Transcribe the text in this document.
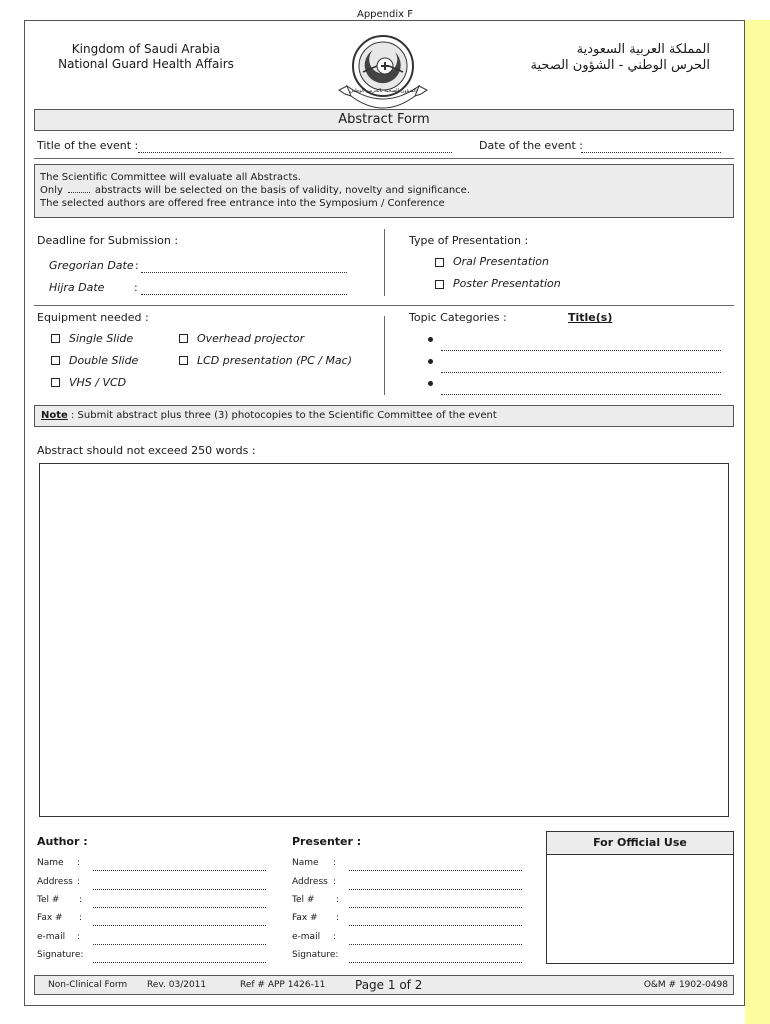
Appendix F
Kingdom of Saudi Arabia
National Guard Health Affairs
الشؤون الصحية بالحرس الوطني
المملكة العربية السعودية
الحرس الوطني - الشؤون الصحية
Abstract Form
Title of the event :	Date of the event :
The Scientific Committee will evaluate all Abstracts.
Only	abstracts will be selected on the basis of validity, novelty and significance.
The selected authors are offered free entrance into the Symposium / Conference
Deadline for Submission :
Gregorian Date :
Hijra Date	:
Type of Presentation :
Oral Presentation
Poster Presentation
Equipment needed :
Single Slide	Overhead projector
Double Slide	LCD presentation (PC / Mac)
VHS / VCD
Topic Categories :	Title(s)
Note : Submit abstract plus three (3) photocopies to the Scientific Committee of the event
Abstract should not exceed 250 words :
Author :
Name :
Address :
Tel # :
Fax # :
e-mail :
Signature:
Presenter :
Name :
Address :
Tel # :
Fax # :
e-mail :
Signature:
For Official Use
Non-Clinical Form Rev. 03/2011	Ref # APP 1426-11 Page 1 of 2	O&M # 1902-0498
